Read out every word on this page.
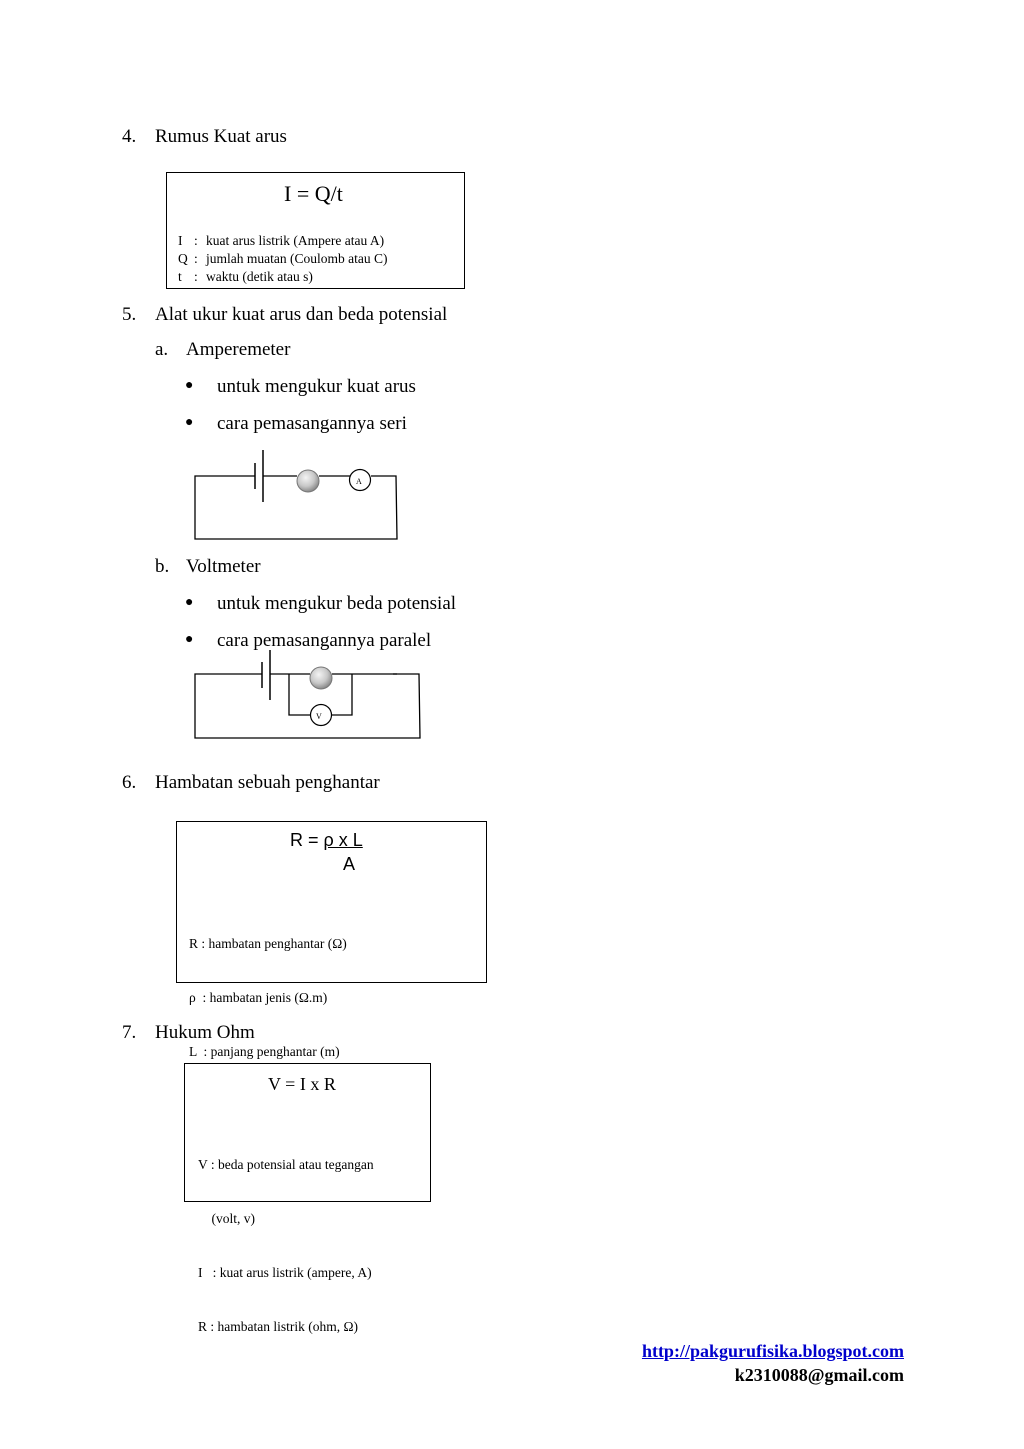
4. Rumus Kuat arus
I = Q/t
I : kuat arus listrik (Ampere atau A)
Q : jumlah muatan (Coulomb atau C)
t : waktu (detik atau s)
5. Alat ukur kuat arus dan beda potensial
a. Amperemeter
● untuk mengukur kuat arus
● cara pemasangannya seri
A
b. Voltmeter
● untuk mengukur beda potensial
● cara pemasangannya paralel
V
6. Hambatan sebuah penghantar
R = ρ x L
A

R : hambatan penghantar (Ω)

ρ  : hambatan jenis (Ω.m)

L  : panjang penghantar (m)

7. Hukum Ohm
V = I x R

V : beda potensial atau tegangan

(volt, v)

I   : kuat arus listrik (ampere, A)

R : hambatan listrik (ohm, Ω)

http://pakgurufisika.blogspot.com
k2310088@gmail.com
